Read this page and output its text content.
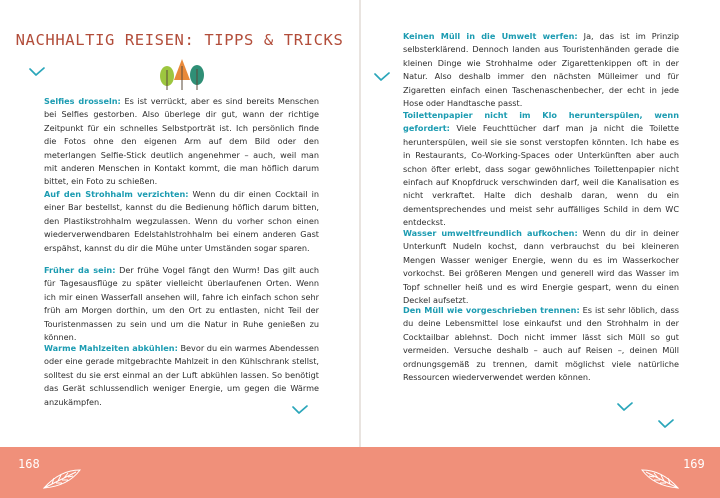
NACHHALTIG REISEN: TIPPS & TRICKS

Selfies drosseln: Es ist verrückt, aber es sind bereits Menschen bei Selfies gestorben. Also überlege dir gut, wann der richtige Zeitpunkt für ein schnelles Selbstporträt ist. Ich persönlich finde die Fotos ohne den eigenen Arm auf dem Bild oder den meterlangen Selfie-Stick deutlich angenehmer – auch, weil man mit anderen Menschen in Kontakt kommt, die man höflich darum bittet, ein Foto zu schießen.

Auf den Strohhalm verzichten: Wenn du dir einen Cocktail in einer Bar bestellst, kannst du die Bedienung höflich darum bitten, den Plastikstrohhalm wegzulassen. Wenn du vorher schon einen wiederverwendbaren Edelstahlstrohhalm bei einem anderen Gast erspähst, kannst du dir die Mühe unter Umständen sogar sparen.

Früher da sein: Der frühe Vogel fängt den Wurm! Das gilt auch für Tagesausflüge zu später vielleicht überlaufenen Orten. Wenn ich mir einen Wasserfall ansehen will, fahre ich einfach schon sehr früh am Morgen dorthin, um den Ort zu entlasten, nicht Teil der Touristenmassen zu sein und um die Natur in Ruhe genießen zu können.

Warme Mahlzeiten abkühlen: Bevor du ein warmes Abendessen oder eine gerade mitgebrachte Mahlzeit in den Kühlschrank stellst, solltest du sie erst einmal an der Luft abkühlen lassen. So benötigt das Gerät schlussendlich weniger Energie, um gegen die Wärme anzukämpfen.

Keinen Müll in die Umwelt werfen: Ja, das ist im Prinzip selbsterklärend. Dennoch landen aus Touristenhänden gerade die kleinen Dinge wie Strohhalme oder Zigarettenkippen oft in der Natur. Also deshalb immer den nächsten Mülleimer und für Zigaretten einfach einen Taschenaschenbecher, der echt in jede Hose oder Handtasche passt.

Toilettenpapier nicht im Klo herunterspülen, wenn gefordert: Viele Feuchttücher darf man ja nicht die Toilette herunterspülen, weil sie sie sonst verstopfen könnten. Ich habe es in Restaurants, Co-Working-Spaces oder Unterkünften aber auch schon öfter erlebt, dass sogar gewöhnliches Toilettenpapier nicht einfach auf Knopfdruck verschwinden darf, weil die Kanalisation es nicht verkraftet. Halte dich deshalb daran, wenn du ein dementsprechendes und meist sehr auffälliges Schild in dem WC entdeckst.

Wasser umweltfreundlich aufkochen: Wenn du dir in deiner Unterkunft Nudeln kochst, dann verbrauchst du bei kleineren Mengen Wasser weniger Energie, wenn du es im Wasserkocher vorkochst. Bei größeren Mengen und generell wird das Wasser im Topf schneller heiß und es wird Energie gespart, wenn du einen Deckel aufsetzt.

Den Müll wie vorgeschrieben trennen: Es ist sehr löblich, dass du deine Lebensmittel lose einkaufst und den Strohhalm in der Cocktailbar ablehnst. Doch nicht immer lässt sich Müll so gut vermeiden. Versuche deshalb – auch auf Reisen –, deinen Müll ordnungsgemäß zu trennen, damit möglichst viele natürliche Ressourcen wiederverwendet werden können.

168	169
